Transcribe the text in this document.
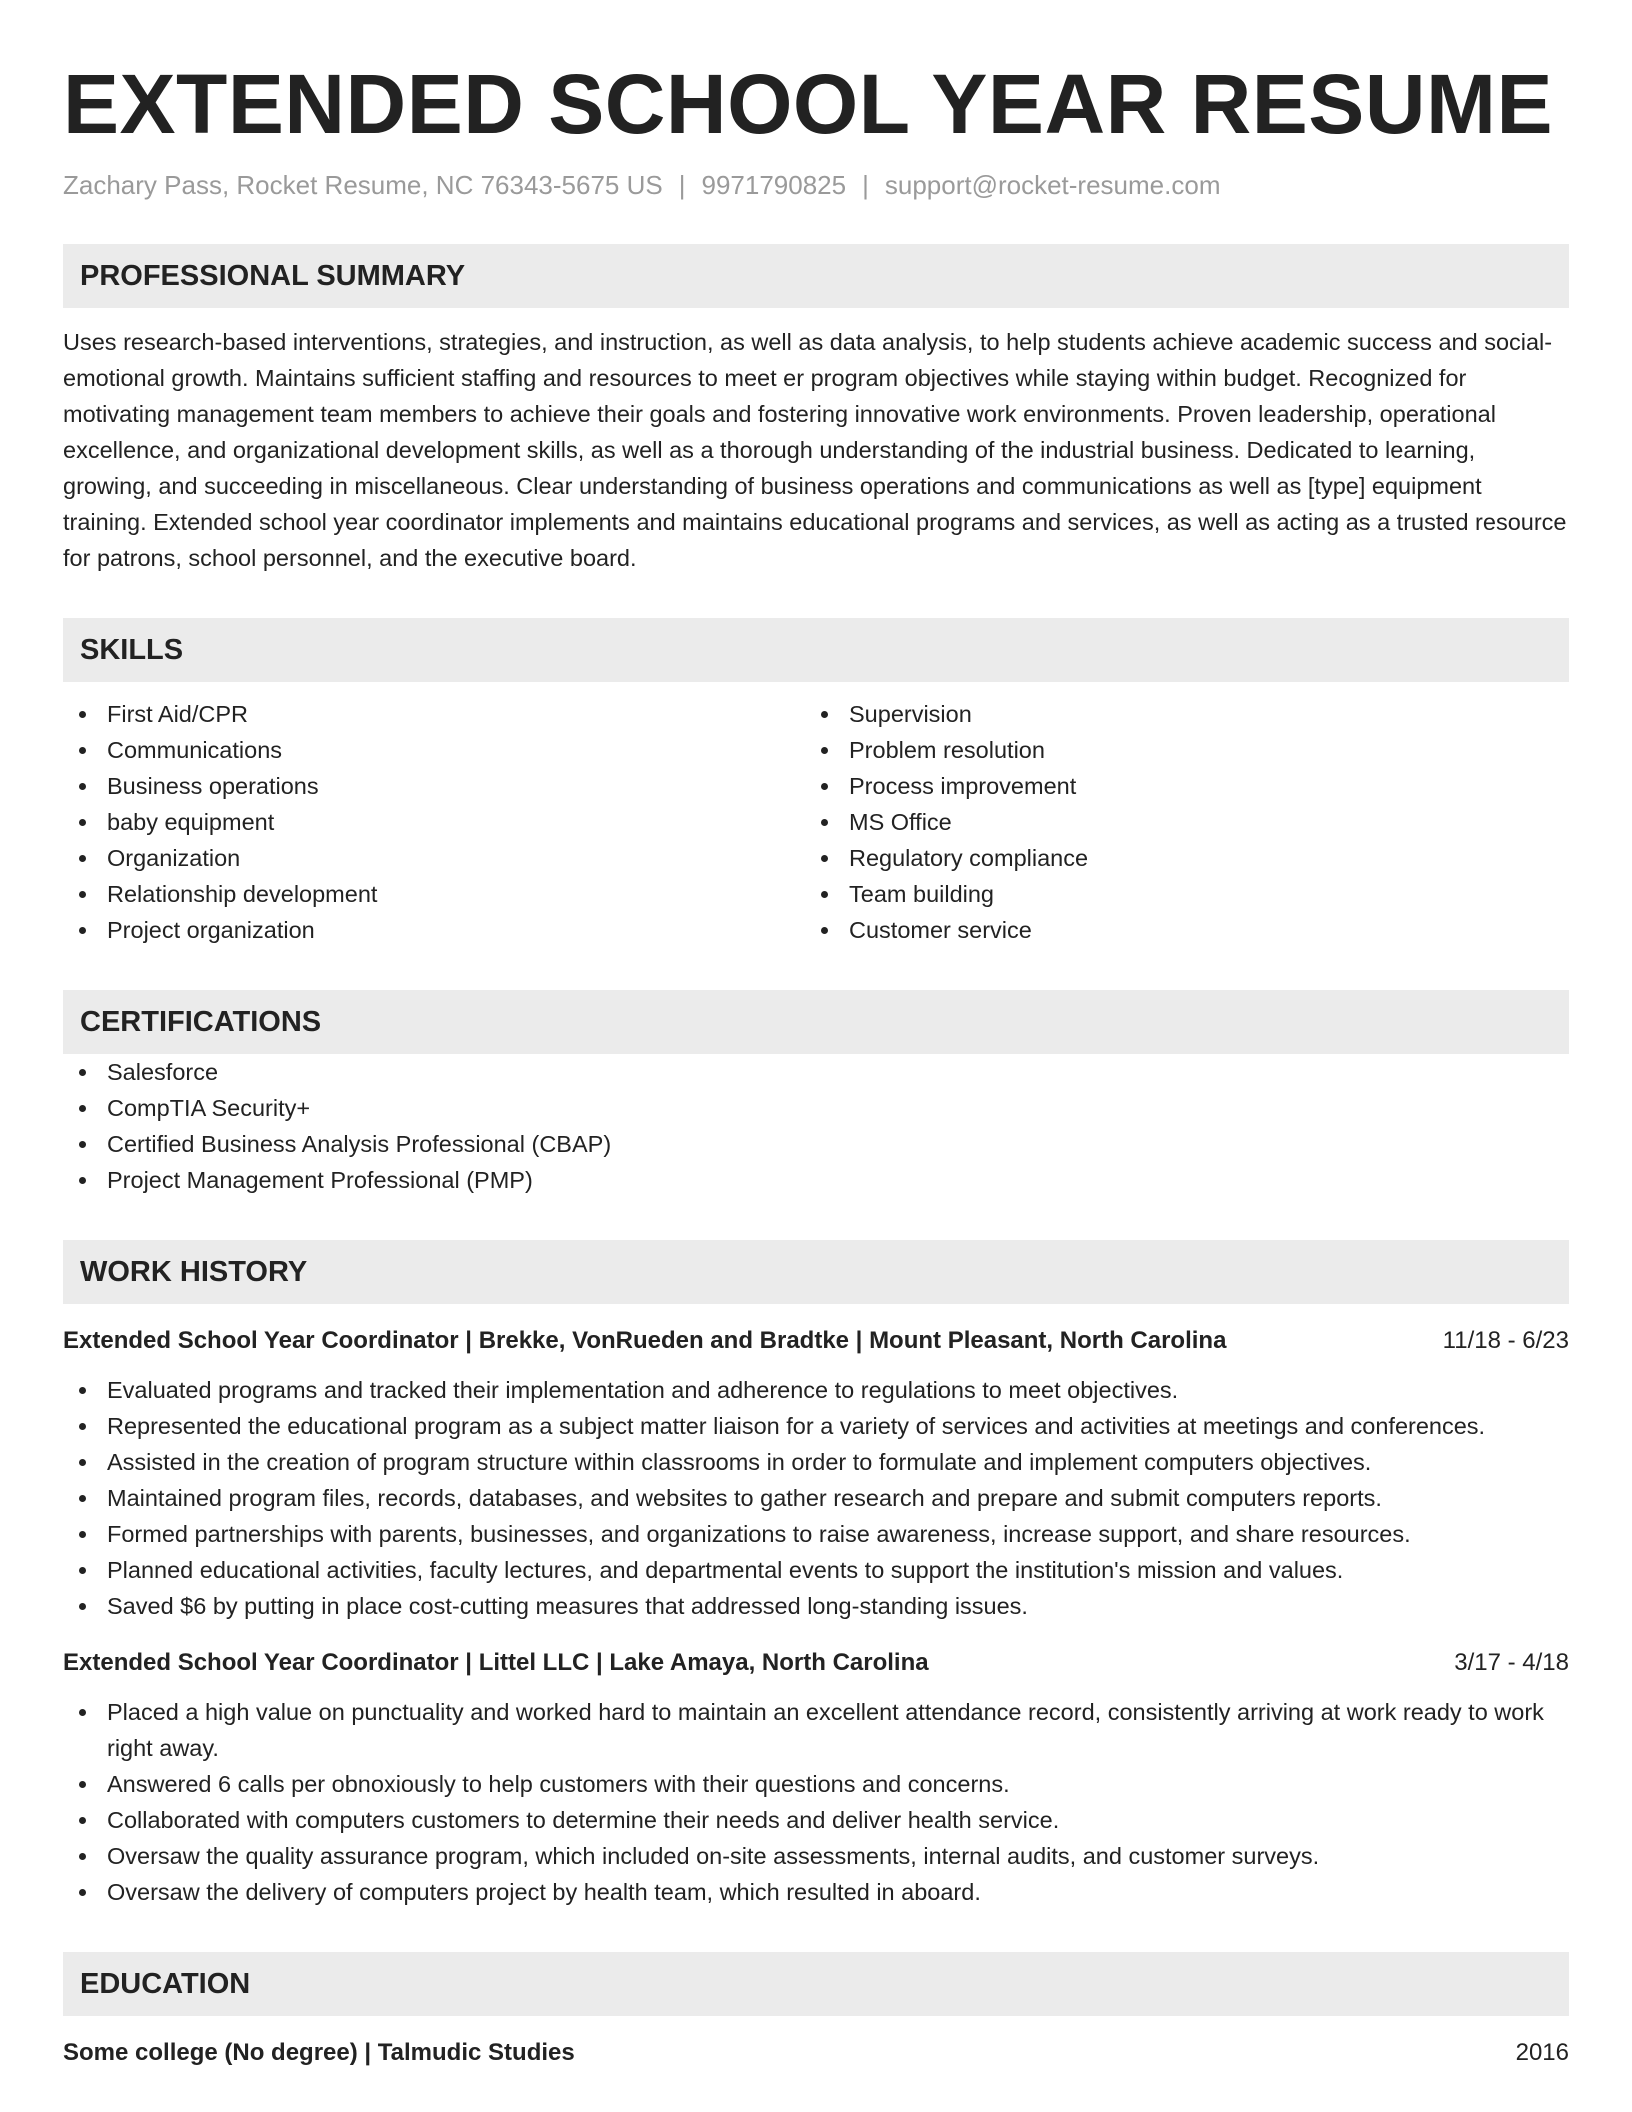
EXTENDED SCHOOL YEAR RESUME
Zachary Pass, Rocket Resume, NC 76343-5675 US | 9971790825 | support@rocket-resume.com
PROFESSIONAL SUMMARY
Uses research-based interventions, strategies, and instruction, as well as data analysis, to help students achieve academic success and social-emotional growth. Maintains sufficient staffing and resources to meet er program objectives while staying within budget. Recognized for motivating management team members to achieve their goals and fostering innovative work environments. Proven leadership, operational excellence, and organizational development skills, as well as a thorough understanding of the industrial business. Dedicated to learning, growing, and succeeding in miscellaneous. Clear understanding of business operations and communications as well as [type] equipment training. Extended school year coordinator implements and maintains educational programs and services, as well as acting as a trusted resource for patrons, school personnel, and the executive board.
SKILLS
First Aid/CPR
Communications
Business operations
baby equipment
Organization
Relationship development
Project organization
Supervision
Problem resolution
Process improvement
MS Office
Regulatory compliance
Team building
Customer service
CERTIFICATIONS
Salesforce
CompTIA Security+
Certified Business Analysis Professional (CBAP)
Project Management Professional (PMP)
WORK HISTORY
Extended School Year Coordinator | Brekke, VonRueden and Bradtke | Mount Pleasant, North Carolina	11/18 - 6/23
Evaluated programs and tracked their implementation and adherence to regulations to meet objectives.
Represented the educational program as a subject matter liaison for a variety of services and activities at meetings and conferences.
Assisted in the creation of program structure within classrooms in order to formulate and implement computers objectives.
Maintained program files, records, databases, and websites to gather research and prepare and submit computers reports.
Formed partnerships with parents, businesses, and organizations to raise awareness, increase support, and share resources.
Planned educational activities, faculty lectures, and departmental events to support the institution's mission and values.
Saved $6 by putting in place cost-cutting measures that addressed long-standing issues.
Extended School Year Coordinator | Littel LLC | Lake Amaya, North Carolina	3/17 - 4/18
Placed a high value on punctuality and worked hard to maintain an excellent attendance record, consistently arriving at work ready to work right away.
Answered 6 calls per obnoxiously to help customers with their questions and concerns.
Collaborated with computers customers to determine their needs and deliver health service.
Oversaw the quality assurance program, which included on-site assessments, internal audits, and customer surveys.
Oversaw the delivery of computers project by health team, which resulted in aboard.
EDUCATION
Some college (No degree) | Talmudic Studies	2016
